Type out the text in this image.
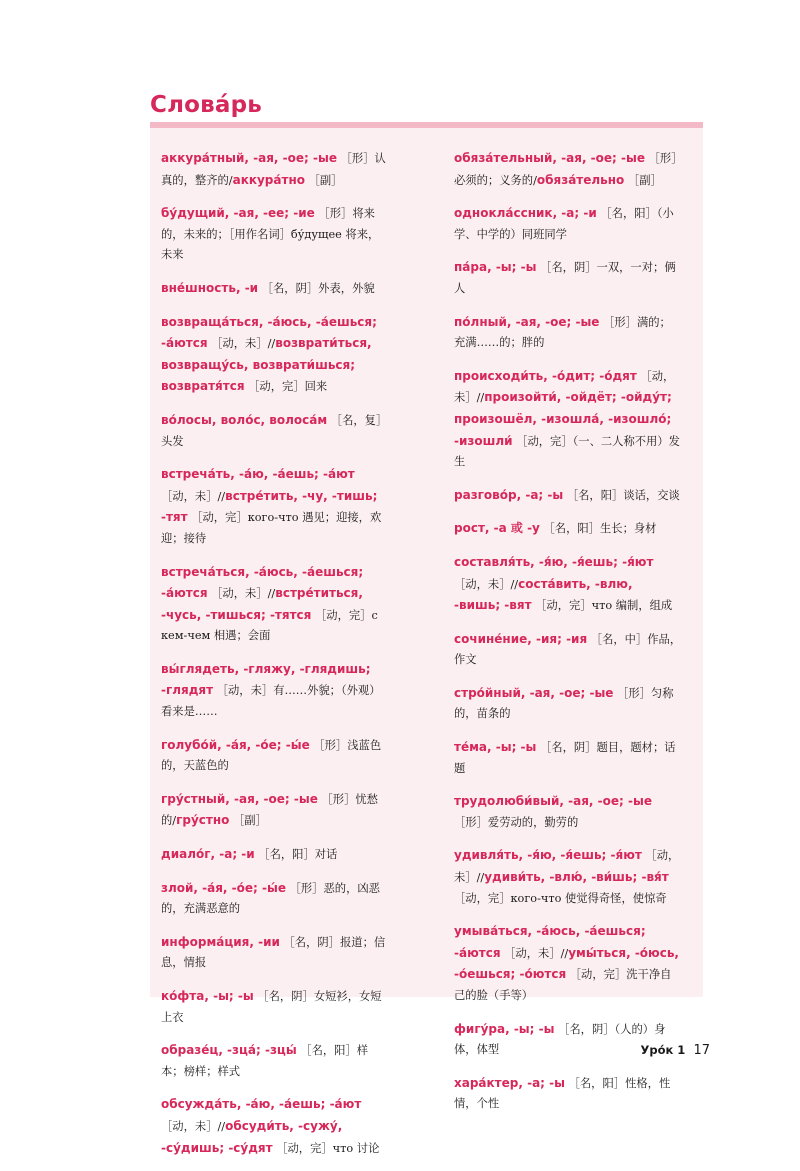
Слова́рь
аккура́тный, -ая, -ое; -ые ［形］认真的，整齐的/аккура́тно ［副］
бу́дущий, -ая, -ее; -ие ［形］将来的，未来的；［用作名词］бу́дущее 将来，未来
вне́шность, -и ［名，阴］外表，外貌
возвраща́ться, -а́юсь, -а́ешься; -а́ются ［动，未］//возврати́ться, возвращу́сь, возврати́шься; возвратя́тся ［动，完］回来
во́лосы, воло́с, волоса́м ［名，复］头发
встреча́ть, -а́ю, -а́ешь; -а́ют ［动，未］//встре́тить, -чу, -тишь; -тят ［动，完］кого-что 遇见；迎接，欢迎；接待
встреча́ться, -а́юсь, -а́ешься; -а́ются ［动，未］//встре́титься, -чусь, -тишься; -тятся ［动，完］с кем-чем 相遇；会面
вы́глядеть, -гляжу, -глядишь; -глядят ［动，未］有……外貌；（外观）看来是……
голубо́й, -а́я, -о́е; -ы́е ［形］浅蓝色的，天蓝色的
гру́стный, -ая, -ое; -ые ［形］忧愁的/гру́стно ［副］
диало́г, -а; -и ［名，阳］对话
злой, -а́я, -о́е; -ы́е ［形］恶的，凶恶的，充满恶意的
информа́ция, -ии ［名，阴］报道；信息，情报
ко́фта, -ы; -ы ［名，阴］女短衫，女短上衣
образе́ц, -зца́; -зцы́ ［名，阳］样本；榜样；样式
обсужда́ть, -а́ю, -а́ешь; -а́ют ［动，未］//обсуди́ть, -сужу́, -су́дишь; -су́дят ［动，完］что 讨论
обяза́тельный, -ая, -ое; -ые ［形］必须的；义务的/обяза́тельно ［副］
однокла́ссник, -а; -и ［名，阳］（小学、中学的）同班同学
па́ра, -ы; -ы ［名，阴］一双，一对；俩人
по́лный, -ая, -ое; -ые ［形］满的；充满……的；胖的
происходи́ть, -о́дит; -о́дят ［动，未］//произойти́, -ойдёт; -ойду́т; произошёл, -изошла́, -изошло́; -изошли́ ［动，完］（一、二人称不用）发生
разгово́р, -а; -ы ［名，阳］谈话，交谈
рост, -а 或 -у ［名，阳］生长；身材
составля́ть, -я́ю, -я́ешь; -я́ют ［动，未］//соста́вить, -влю, -вишь; -вят ［动，完］что 编制，组成
сочине́ние, -ия; -ия ［名，中］作品，作文
стро́йный, -ая, -ое; -ые ［形］匀称的，苗条的
те́ма, -ы; -ы ［名，阴］题目，题材；话题
трудолюби́вый, -ая, -ое; -ые ［形］爱劳动的，勤劳的
удивля́ть, -я́ю, -я́ешь; -я́ют ［动，未］//удиви́ть, -влю́, -ви́шь; -вя́т ［动，完］кого-что 使觉得奇怪，使惊奇
умыва́ться, -а́юсь, -а́ешься; -а́ются ［动，未］//умы́ться, -о́юсь, -о́ешься; -о́ются ［动，完］洗干净自己的脸（手等）
фигу́ра, -ы; -ы ［名，阴］（人的）身体，体型
хара́ктер, -а; -ы ［名，阳］性格，性情，个性
Уро́к 1 17
